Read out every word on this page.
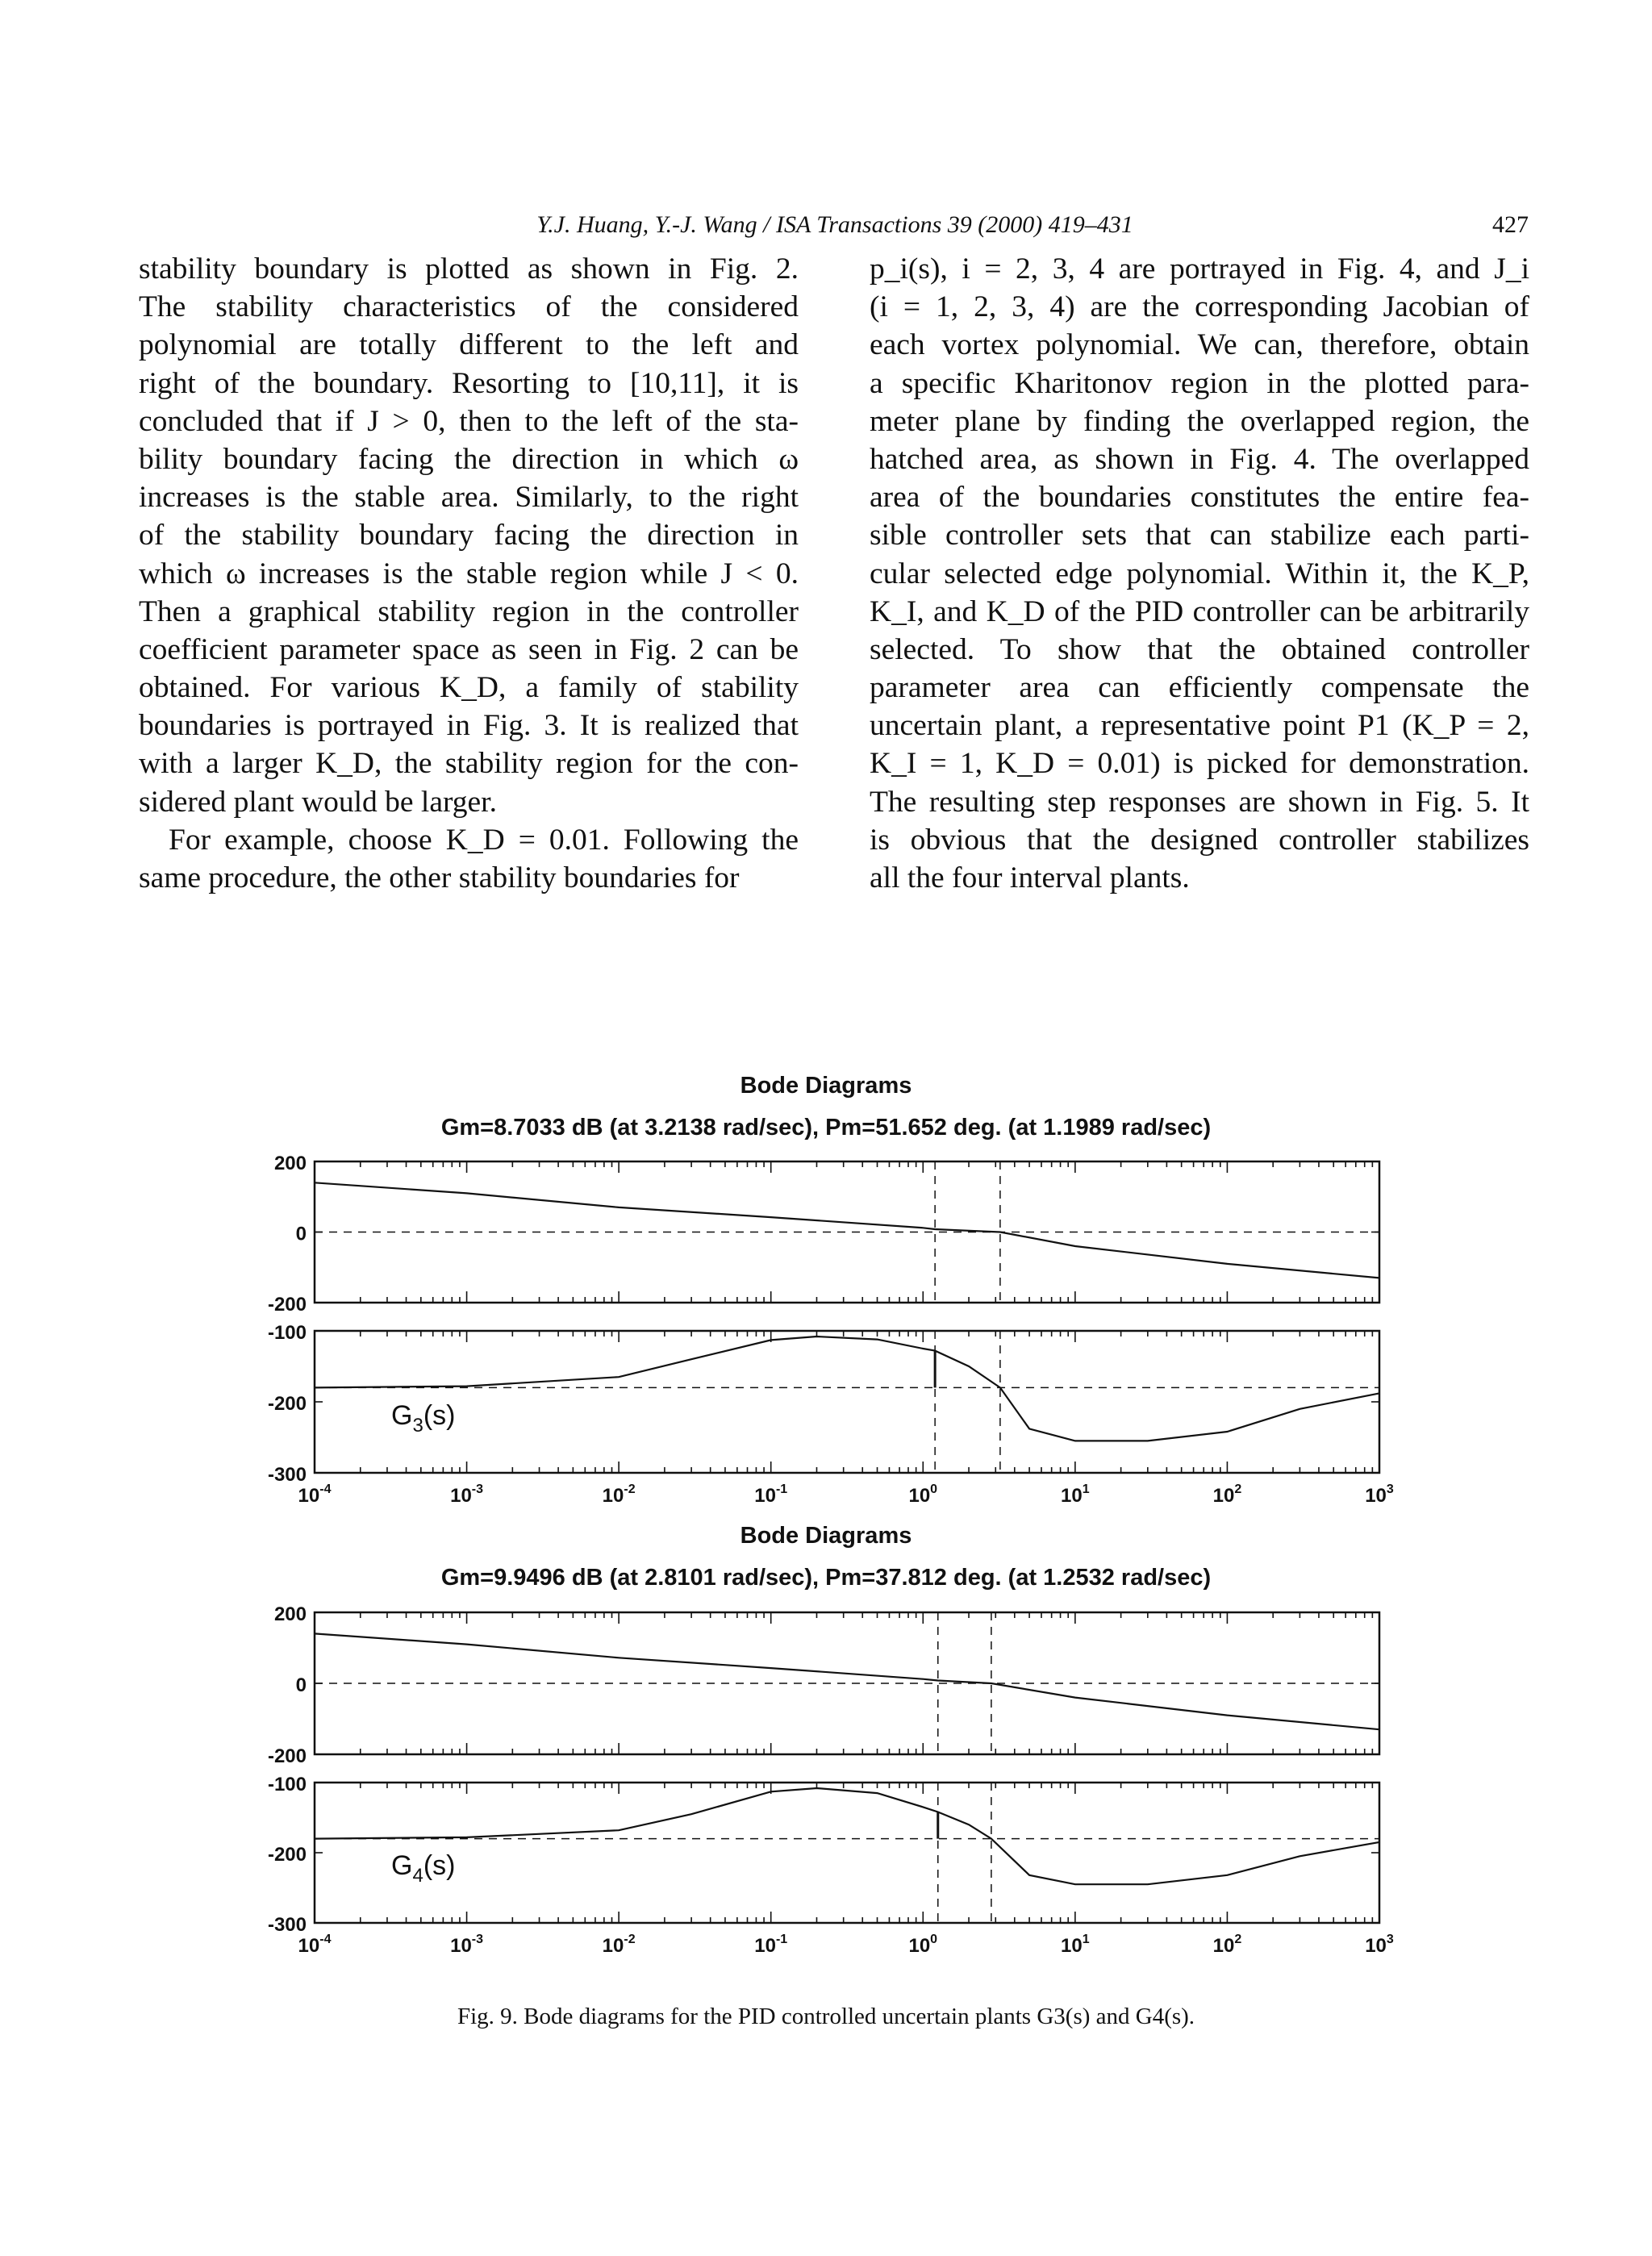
Y.J. Huang, Y.-J. Wang / ISA Transactions 39 (2000) 419–431	427
stability boundary is plotted as shown in Fig. 2.
The stability characteristics of the considered
polynomial are totally different to the left and
right of the boundary. Resorting to [10,11], it is
concluded that if J > 0, then to the left of the sta-
bility boundary facing the direction in which ω
increases is the stable area. Similarly, to the right
of the stability boundary facing the direction in
which ω increases is the stable region while J < 0.
Then a graphical stability region in the controller
coefficient parameter space as seen in Fig. 2 can be
obtained. For various K_D, a family of stability
boundaries is portrayed in Fig. 3. It is realized that
with a larger K_D, the stability region for the con-
sidered plant would be larger.
For example, choose K_D = 0.01. Following the
same procedure, the other stability boundaries for
p_i(s), i = 2, 3, 4 are portrayed in Fig. 4, and J_i
(i = 1, 2, 3, 4) are the corresponding Jacobian of
each vortex polynomial. We can, therefore, obtain
a specific Kharitonov region in the plotted para-
meter plane by finding the overlapped region, the
hatched area, as shown in Fig. 4. The overlapped
area of the boundaries constitutes the entire fea-
sible controller sets that can stabilize each parti-
cular selected edge polynomial. Within it, the K_P,
K_I, and K_D of the PID controller can be arbitrarily
selected. To show that the obtained controller
parameter area can efficiently compensate the
uncertain plant, a representative point P1 (K_P = 2,
K_I = 1, K_D = 0.01) is picked for demonstration.
The resulting step responses are shown in Fig. 5. It
is obvious that the designed controller stabilizes
all the four interval plants.
Bode Diagrams
Gm=8.7033 dB (at 3.2138 rad/sec), Pm=51.652 deg. (at 1.1989 rad/sec)
200
0
-200
-100
-200
-300
$G_3(s)$
$10^{-4}$	$10^{-3}$	$10^{-2}$	$10^{-1}$	$10^0$	$10^1$	$10^2$	$10^3$
Bode Diagrams
Gm=9.9496 dB (at 2.8101 rad/sec), Pm=37.812 deg. (at 1.2532 rad/sec)
200
0
-200
-100
-200
-300
$G_4(s)$
$10^{-4}$	$10^{-3}$	$10^{-2}$	$10^{-1}$	$10^0$	$10^1$	$10^2$	$10^3$
Fig. 9. Bode diagrams for the PID controlled uncertain plants G3(s) and G4(s).
